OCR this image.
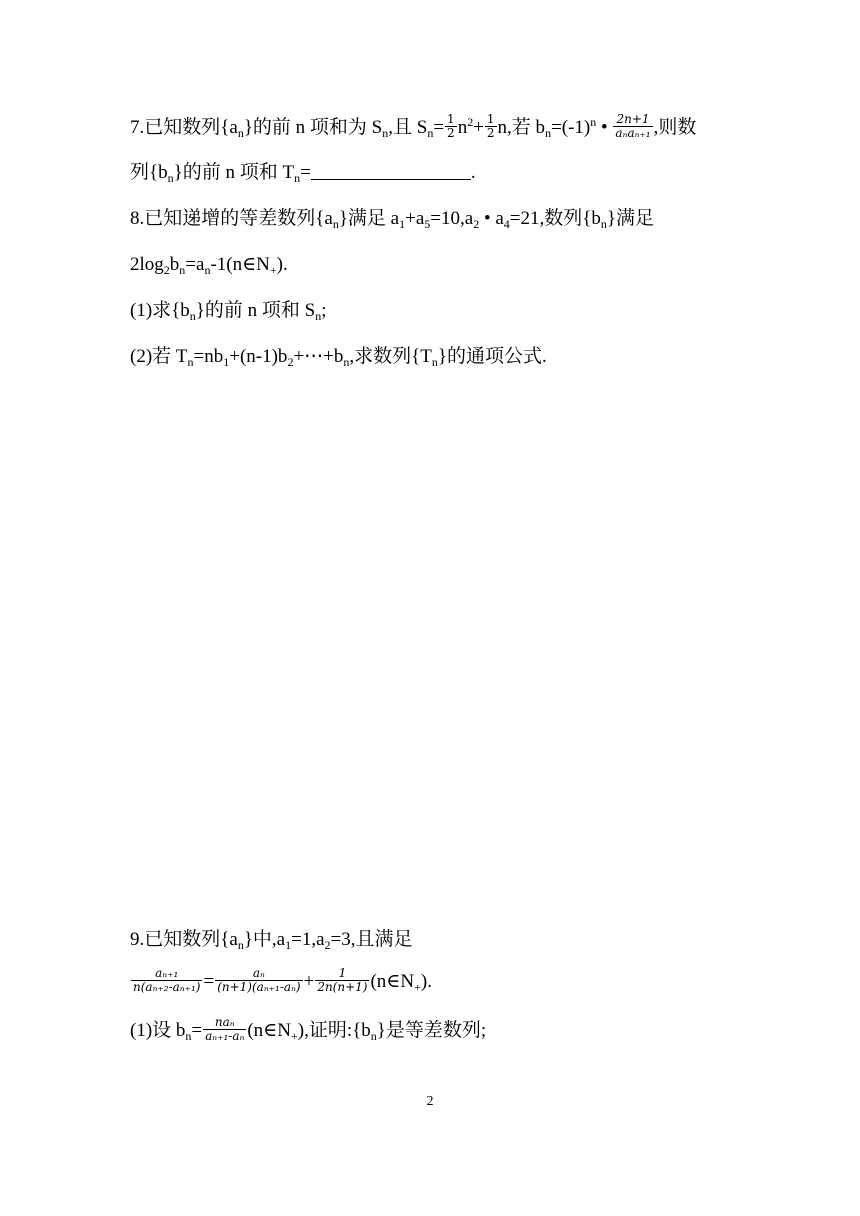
7.已知数列$\{a_n\}$的前 n 项和为 $S_n$,且 $S_n= \frac{1}{2} n^2+ \frac{1}{2} n$,若 $b_n=(-1)^n$ • $\frac{2n+1}{\text{aₙaₙ₊₁}}$ ,则数
列$\{b_n\}$的前 n 项和 $T_n=$	.
8.已知递增的等差数列$\{a_n\}$满足 $a_1+a_5=10,a_2$ • $a_4=21$,数列$\{b_n\}$满足
$2\log_2b_n=a_n-1(n\in N_+)$.
(1)求$\{b_n\}$的前 n 项和 $S_n$;
(2)若 $T_n=nb_1+(n-1)b_2+\cdots+b_n$,求数列$\{T_n\}$的通项公式.
9.已知数列$\{a_n\}$中$,a_1=1,a_2=3$,且满足
$\frac{\text{aₙ₊₁}}{\text{n(aₙ₊₂-aₙ₊₁)}} = \frac{\text{aₙ}}{\text{(n+1)(aₙ₊₁-aₙ)}} + \frac{1}{2n(n+1)}$ $(n\in N_+)$.
(1)设 $b_n= \frac{\text{naₙ}}{\text{aₙ₊₁-aₙ}}$ $(n\in N_+)$,证明$:\{b_n\}$是等差数列;
2
